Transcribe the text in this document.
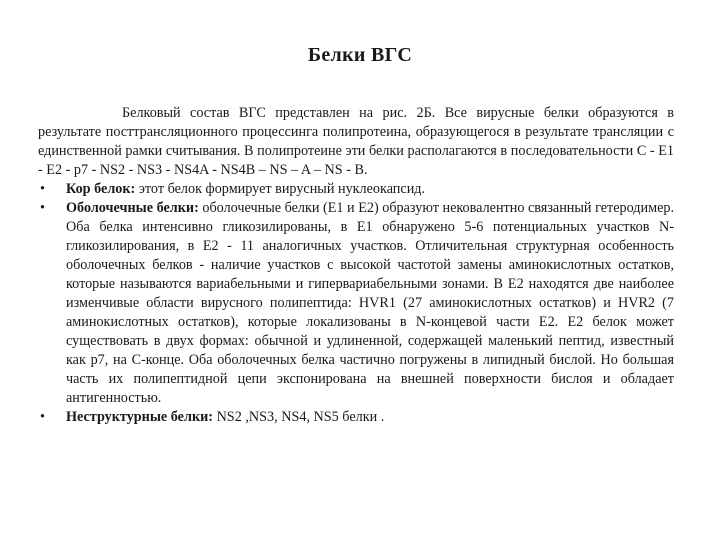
Белки ВГС

Белковый состав ВГС представлен на рис. 2Б. Все вирусные белки образуются в результате посттрансляционного процессинга полипротеина, образующегося в результате трансляции с единственной рамки считывания. В полипротеине эти белки располагаются в последовательности С - Е1 - Е2 - р7 - NS2 - NS3 - NS4A - NS4B – NS – A – NS - B.

• Кор белок: этот белок формирует вирусный нуклеокапсид.
• Оболочечные белки: оболочечные белки (Е1 и Е2) образуют нековалентно связанный гетеродимер. Оба белка интенсивно гликозилированы, в Е1 обнаружено 5-6 потенциальных участков N-гликозилирования, в Е2 - 11 аналогичных участков. Отличительная структурная особенность оболочечных белков - наличие участков с высокой частотой замены аминокислотных остатков, которые называются вариабельными и гипервариабельными зонами. В Е2 находятся две наиболее изменчивые области вирусного полипептида: HVR1 (27 аминокислотных остатков) и HVR2 (7 аминокислотных остатков), которые локализованы в N-концевой части Е2. Е2 белок может существовать в двух формах: обычной и удлиненной, содержащей маленький пептид, известный как р7, на С-конце. Оба оболочечных белка частично погружены в липидный бислой. Но большая часть их полипептидной цепи экспонирована на внешней поверхности бислоя и обладает антигенностью.
• Неструктурные белки: NS2 ,NS3, NS4, NS5 белки .
